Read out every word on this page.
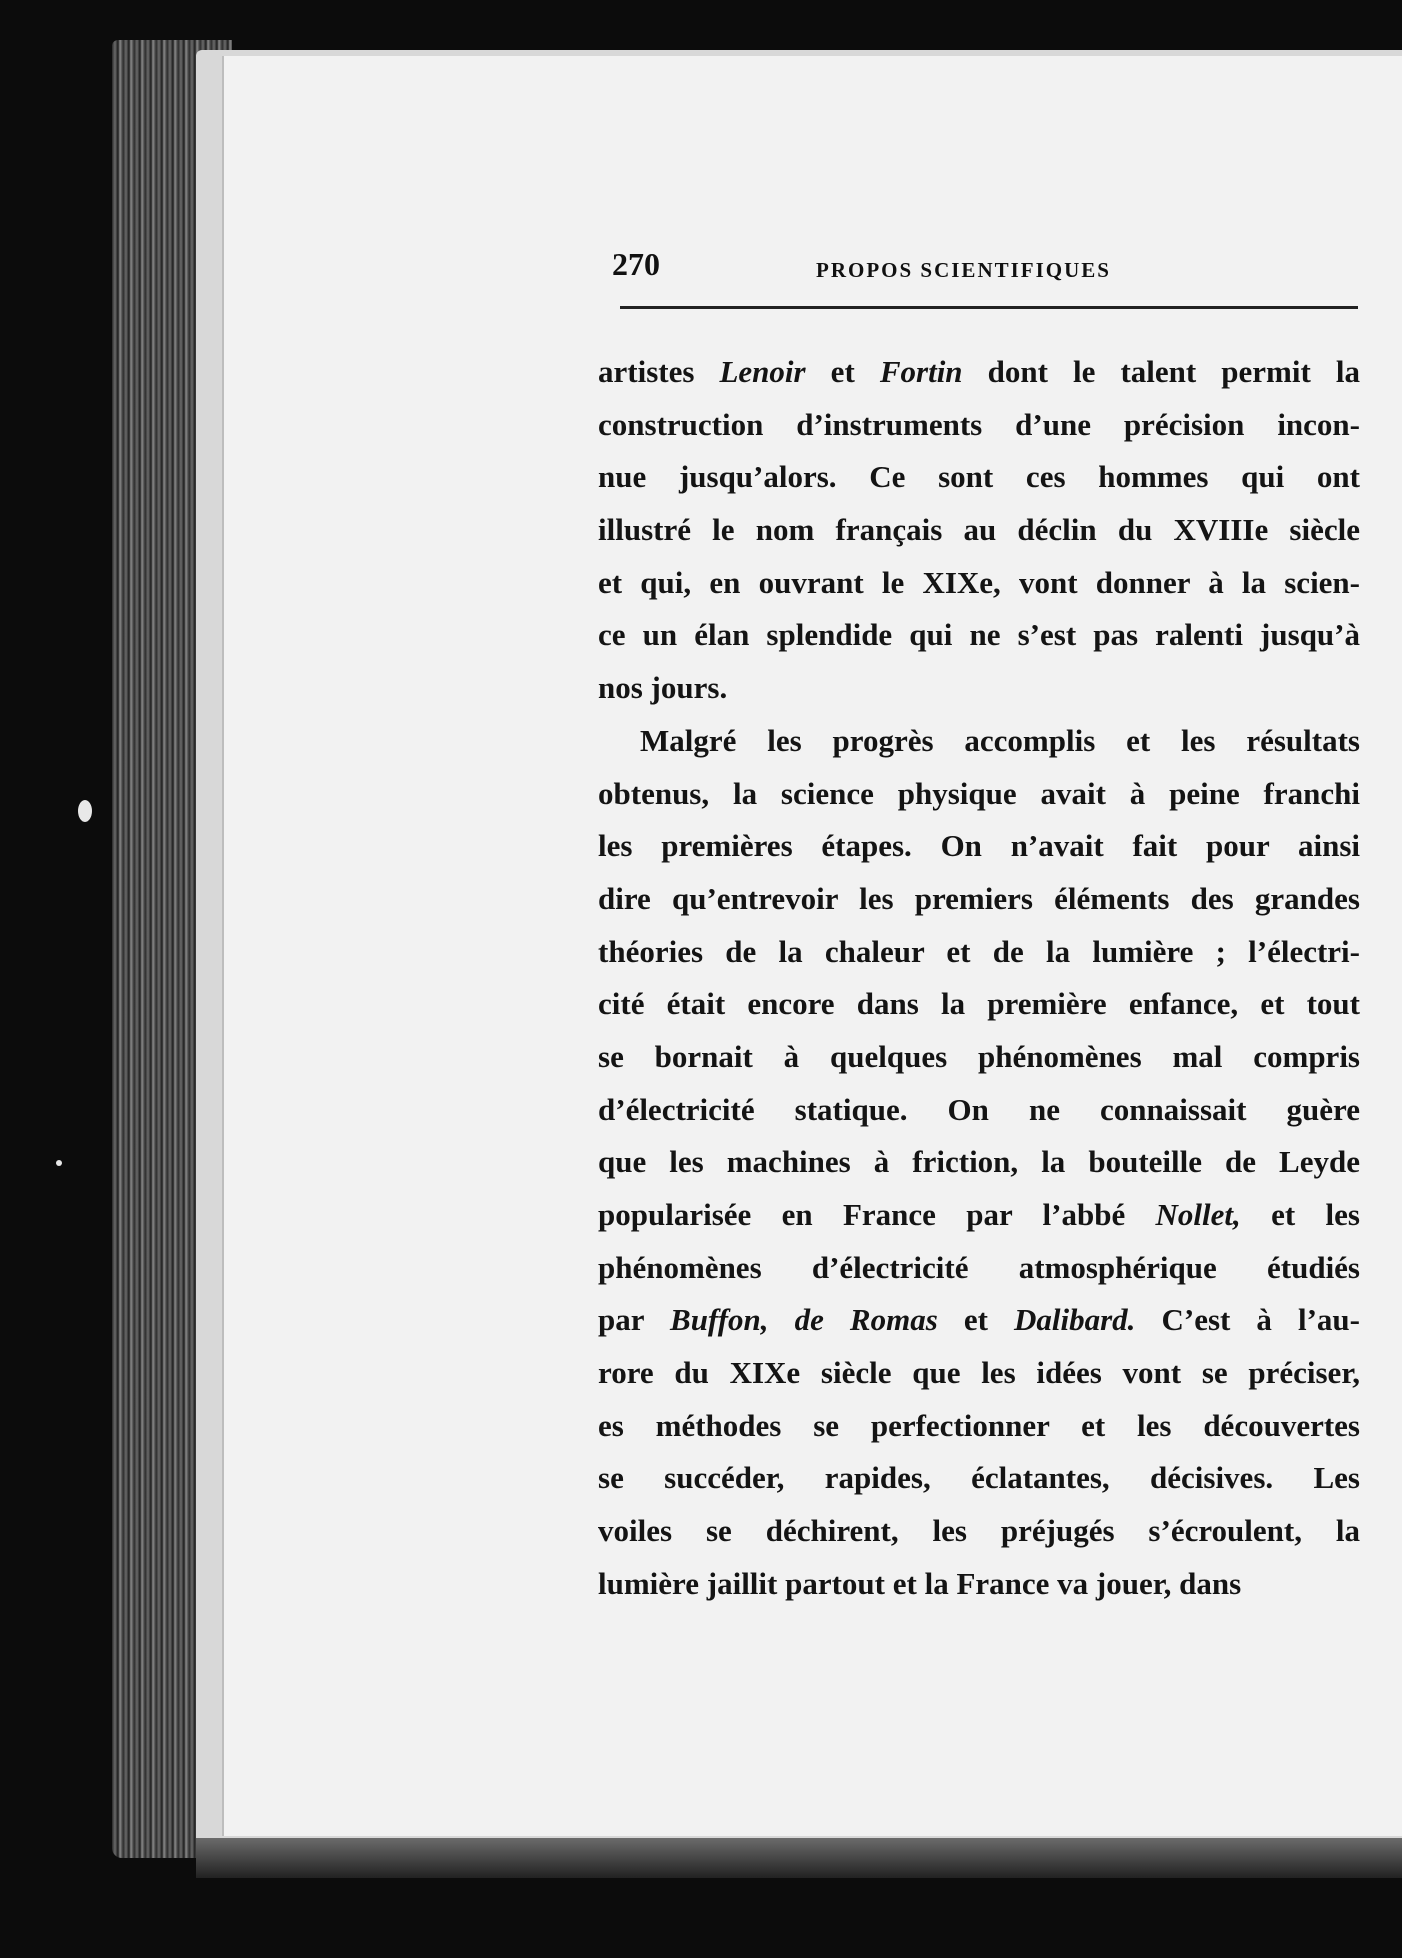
270	PROPOS SCIENTIFIQUES
artistes Lenoir et Fortin dont le talent permit la
construction d’instruments d’une précision incon-
nue jusqu’alors. Ce sont ces hommes qui ont
illustré le nom français au déclin du XVIIIe siècle
et qui, en ouvrant le XIXe, vont donner à la scien-
ce un élan splendide qui ne s’est pas ralenti jusqu’à
nos jours.
Malgré les progrès accomplis et les résultats
obtenus, la science physique avait à peine franchi
les premières étapes. On n’avait fait pour ainsi
dire qu’entrevoir les premiers éléments des grandes
théories de la chaleur et de la lumière ; l’électri-
cité était encore dans la première enfance, et tout
se bornait à quelques phénomènes mal compris
d’électricité statique. On ne connaissait guère
que les machines à friction, la bouteille de Leyde
popularisée en France par l’abbé Nollet, et les
phénomènes d’électricité atmosphérique étudiés
par Buffon, de Romas et Dalibard. C’est à l’au-
rore du XIXe siècle que les idées vont se préciser,
es méthodes se perfectionner et les découvertes
se succéder, rapides, éclatantes, décisives. Les
voiles se déchirent, les préjugés s’écroulent, la
lumière jaillit partout et la France va jouer, dans
